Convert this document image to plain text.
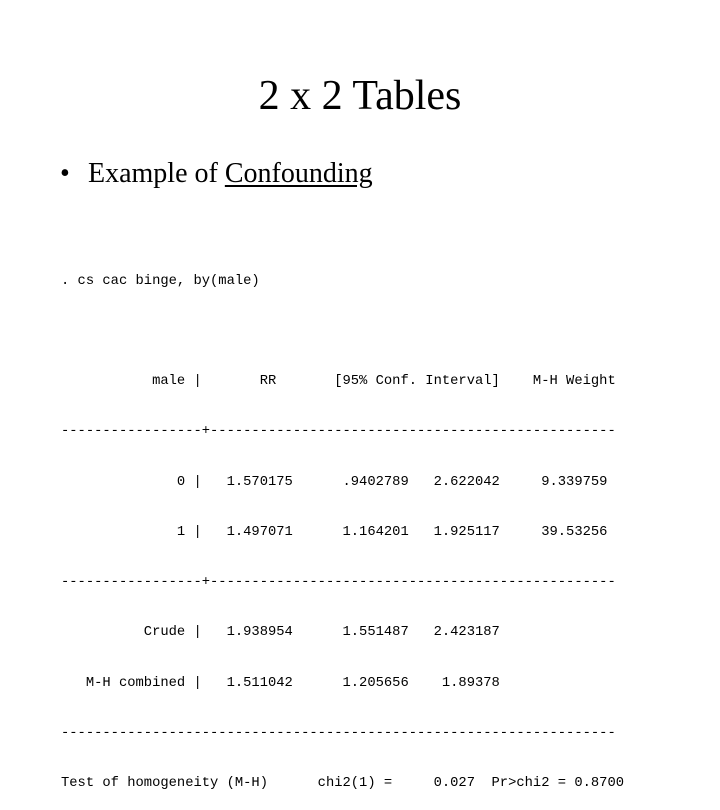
2 x 2 Tables
• Example of Confounding

. cs cac binge, by(male)

male |       RR       [95% Conf. Interval]    M-H Weight

-----------------+-------------------------------------------------

0 |   1.570175      .9402789   2.622042     9.339759

1 |   1.497071      1.164201   1.925117     39.53256

-----------------+-------------------------------------------------

Crude |   1.938954      1.551487   2.423187

M-H combined |   1.511042      1.205656    1.89378

-------------------------------------------------------------------

Test of homogeneity (M-H)      chi2(1) =     0.027  Pr>chi2 = 0.8700
